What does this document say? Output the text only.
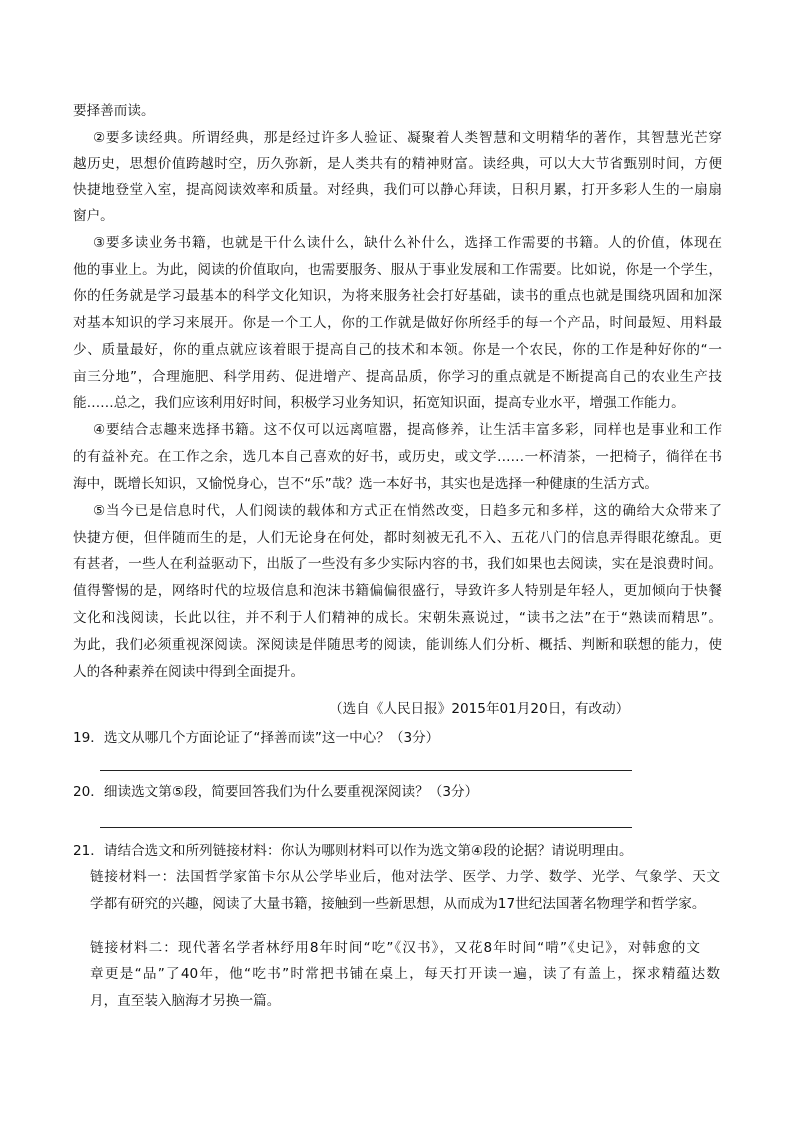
要择善而读。
②要多读经典。所谓经典，那是经过许多人验证、凝聚着人类智慧和文明精华的著作，其智慧光芒穿
越历史，思想价值跨越时空，历久弥新，是人类共有的精神财富。读经典，可以大大节省甄别时间，方便
快捷地登堂入室，提高阅读效率和质量。对经典，我们可以静心拜读，日积月累，打开多彩人生的一扇扇
窗户。
③要多读业务书籍，也就是干什么读什么，缺什么补什么，选择工作需要的书籍。人的价值，体现在
他的事业上。为此，阅读的价值取向，也需要服务、服从于事业发展和工作需要。比如说，你是一个学生，
你的任务就是学习最基本的科学文化知识，为将来服务社会打好基础，读书的重点也就是围绕巩固和加深
对基本知识的学习来展开。你是一个工人，你的工作就是做好你所经手的每一个产品，时间最短、用料最
少、质量最好，你的重点就应该着眼于提高自己的技术和本领。你是一个农民，你的工作是种好你的“一
亩三分地”，合理施肥、科学用药、促进增产、提高品质，你学习的重点就是不断提高自己的农业生产技
能……总之，我们应该利用好时间，积极学习业务知识，拓宽知识面，提高专业水平，增强工作能力。
④要结合志趣来选择书籍。这不仅可以远离喧嚣，提高修养，让生活丰富多彩，同样也是事业和工作
的有益补充。在工作之余，选几本自己喜欢的好书，或历史，或文学……一杯清茶，一把椅子，徜徉在书
海中，既增长知识，又愉悦身心，岂不“乐”哉？选一本好书，其实也是选择一种健康的生活方式。
⑤当今已是信息时代，人们阅读的载体和方式正在悄然改变，日趋多元和多样，这的确给大众带来了
快捷方便，但伴随而生的是，人们无论身在何处，都时刻被无孔不入、五花八门的信息弄得眼花缭乱。更
有甚者，一些人在利益驱动下，出版了一些没有多少实际内容的书，我们如果也去阅读，实在是浪费时间。
值得警惕的是，网络时代的垃圾信息和泡沫书籍偏偏很盛行，导致许多人特别是年轻人，更加倾向于快餐
文化和浅阅读，长此以往，并不利于人们精神的成长。宋朝朱熹说过，“读书之法”在于“熟读而精思”。
为此，我们必须重视深阅读。深阅读是伴随思考的阅读，能训练人们分析、概括、判断和联想的能力，使
人的各种素养在阅读中得到全面提升。
（选自《人民日报》2015年01月20日，有改动）
19．选文从哪几个方面论证了“择善而读”这一中心？（3分）
20．细读选文第⑤段，简要回答我们为什么要重视深阅读？（3分）
21．请结合选文和所列链接材料：你认为哪则材料可以作为选文第④段的论据？请说明理由。
链接材料一：法国哲学家笛卡尔从公学毕业后，他对法学、医学、力学、数学、光学、气象学、天文
学都有研究的兴趣，阅读了大量书籍，接触到一些新思想，从而成为17世纪法国著名物理学和哲学家。
链接材料二：现代著名学者林纾用8年时间“吃”《汉书》，又花8年时间“啃”《史记》，对韩愈的文
章更是“品”了40年，他“吃书”时常把书铺在桌上，每天打开读一遍，读了有盖上，探求精蕴达数
月，直至装入脑海才另换一篇。
